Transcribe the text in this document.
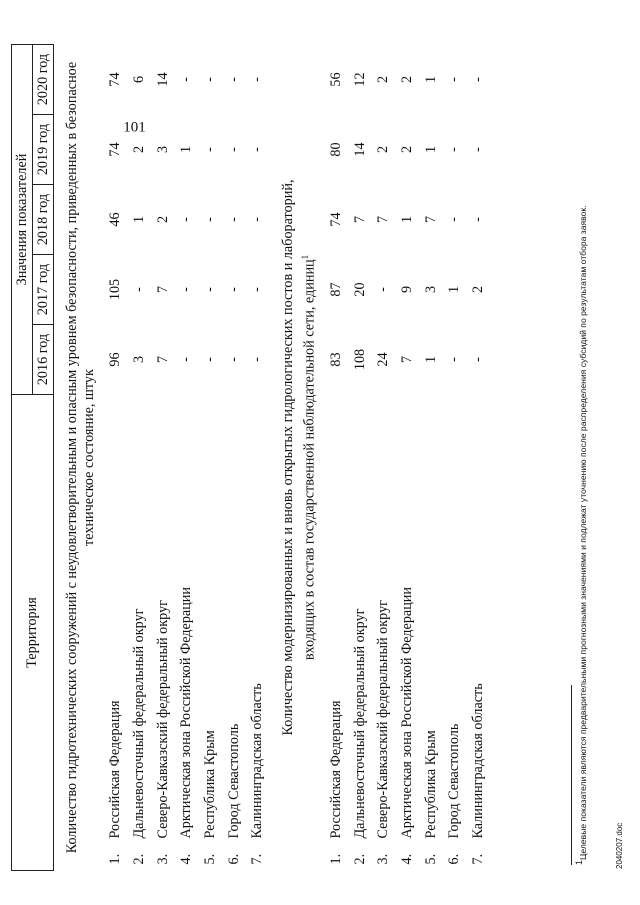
101
Территория		Значения показателей				
		2016 год	2017 год	2018 год	2019 год	2020 год
Количество гидротехнических сооружений с неудовлетворительным и опасным уровнем безопасности, приведенных в безопасное техническое состояние, штук						
1.	Российская Федерация	96	105	46	74	74
2.	Дальневосточный федеральный округ	3	-	1	2	6
3.	Северо-Кавказский федеральный округ	7	7	2	3	14
4.	Арктическая зона Российской Федерации	-	-	-	1	-
5.	Республика Крым	-	-	-	-	-
6.	Город Севастополь	-	-	-	-	-
7.	Калининградская область	-	-	-	-	-
Количество модернизированных и вновь открытых гидрологических постов и лабораторий, входящих в состав государственной наблюдательной сети, единиц$^1$
1.	Российская Федерация	83	87	74	80	56
2.	Дальневосточный федеральный округ	108	20	7	14	12
3.	Северо-Кавказский федеральный округ	24	-	7	2	2
4.	Арктическая зона Российской Федерации	7	9	1	2	2
5.	Республика Крым	1	3	7	1	1
6.	Город Севастополь	-	1	-	-	-
7.	Калининградская область	-	2	-	-	-
1Целевые показатели являются предварительными прогнозными значениями и подлежат уточнению после распределения субсидий по результатам отбора заявок.	2040207.doc
